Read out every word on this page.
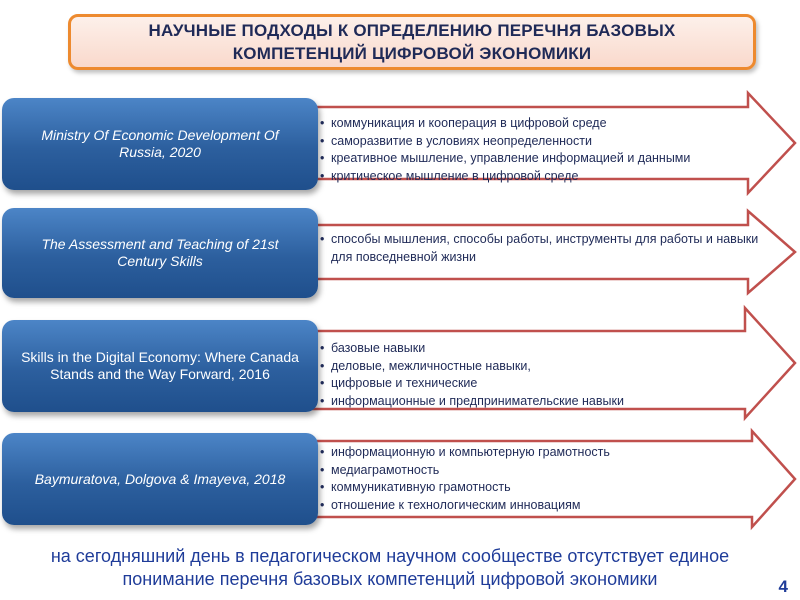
НАУЧНЫЕ ПОДХОДЫ К ОПРЕДЕЛЕНИЮ ПЕРЕЧНЯ БАЗОВЫХ
КОМПЕТЕНЦИЙ ЦИФРОВОЙ ЭКОНОМИКИ
Ministry Of Economic Development Of Russia, 2020
• коммуникация и кооперация в цифровой среде
• саморазвитие в условиях неопределенности
• креативное мышление, управление информацией и данными
• критическое мышление в цифровой среде
The Assessment and Teaching of 21st Century Skills
• способы мышления, способы работы, инструменты для работы и навыки для повседневной жизни
Skills in the Digital Economy: Where Canada Stands and the Way Forward, 2016
• базовые навыки
• деловые, межличностные навыки,
• цифровые и технические
• информационные и предпринимательские навыки
Baymuratova, Dolgova & Imayeva, 2018
• информационную и компьютерную грамотность
• медиаграмотность
• коммуникативную грамотность
• отношение к технологическим инновациям
на сегодняшний день в педагогическом научном сообществе отсутствует единое понимание перечня базовых компетенций цифровой экономики	4
